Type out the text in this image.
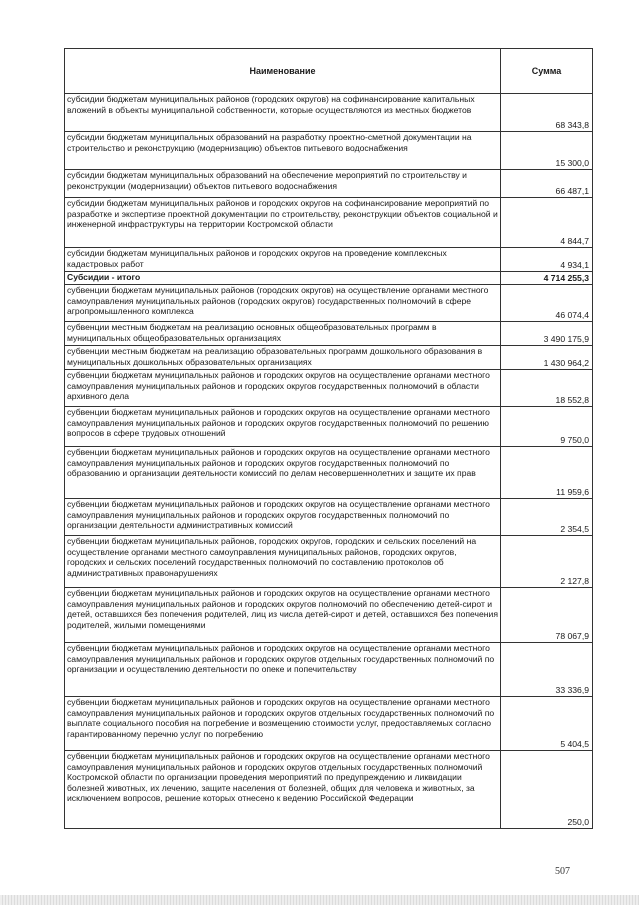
Наименование	Сумма
субсидии бюджетам муниципальных районов (городских округов) на софинансирование капитальных вложений в объекты муниципальной собственности, которые осуществляются из местных бюджетов	68 343,8
субсидии бюджетам муниципальных образований на разработку проектно-сметной документации на строительство и реконструкцию (модернизацию) объектов питьевого водоснабжения	15 300,0
субсидии бюджетам муниципальных образований на обеспечение мероприятий по строительству и реконструкции (модернизации) объектов питьевого водоснабжения	66 487,1
субсидии бюджетам муниципальных районов и городских округов на софинансирование мероприятий по разработке и экспертизе проектной документации по строительству, реконструкции объектов социальной и инженерной инфраструктуры на территории Костромской области	4 844,7
субсидии бюджетам муниципальных районов и городских округов на проведение комплексных кадастровых работ	4 934,1
Субсидии - итого	4 714 255,3
субвенции бюджетам муниципальных районов (городских округов) на осуществление органами местного самоуправления муниципальных районов (городских округов) государственных полномочий в сфере агропромышленного комплекса	46 074,4
субвенции местным бюджетам на реализацию основных общеобразовательных программ в муниципальных общеобразовательных организациях	3 490 175,9
субвенции местным бюджетам на реализацию образовательных программ дошкольного образования в муниципальных дошкольных образовательных организациях	1 430 964,2
субвенции бюджетам муниципальных районов и городских округов на осуществление органами местного самоуправления муниципальных районов и городских округов государственных полномочий в области архивного дела	18 552,8
субвенции бюджетам муниципальных районов и городских округов на осуществление органами местного самоуправления муниципальных районов и городских округов государственных полномочий по решению вопросов в сфере трудовых отношений	9 750,0
субвенции бюджетам муниципальных районов и городских округов на осуществление органами местного самоуправления муниципальных районов и городских округов государственных полномочий по образованию и организации деятельности комиссий по делам несовершеннолетних и защите их прав	11 959,6
субвенции бюджетам муниципальных районов и городских округов на осуществление органами местного самоуправления муниципальных районов и городских округов государственных полномочий по организации деятельности административных комиссий	2 354,5
субвенции бюджетам муниципальных районов, городских округов, городских и сельских поселений на осуществление органами местного самоуправления муниципальных районов, городских округов, городских и сельских поселений государственных полномочий по составлению протоколов об административных правонарушениях	2 127,8
субвенции бюджетам муниципальных районов и городских округов на осуществление органами местного самоуправления муниципальных районов и городских округов полномочий по обеспечению детей-сирот и детей, оставшихся без попечения родителей, лиц из числа детей-сирот и детей, оставшихся без попечения родителей, жилыми помещениями	78 067,9
субвенции бюджетам муниципальных районов и городских округов на осуществление органами местного самоуправления муниципальных районов и городских округов отдельных государственных полномочий по организации и осуществлению деятельности по опеке и попечительству	33 336,9
субвенции бюджетам муниципальных районов и городских округов на осуществление органами местного самоуправления муниципальных районов и городских округов отдельных государственных полномочий по выплате социального пособия на погребение и возмещению стоимости услуг, предоставляемых согласно гарантированному перечню услуг по погребению	5 404,5
субвенции бюджетам муниципальных районов и городских округов на осуществление органами местного самоуправления муниципальных районов и городских округов отдельных государственных полномочий Костромской области по организации проведения мероприятий по предупреждению и ликвидации болезней животных, их лечению, защите населения от болезней, общих для человека и животных, за исключением вопросов, решение которых отнесено к ведению Российской Федерации	250,0
507
